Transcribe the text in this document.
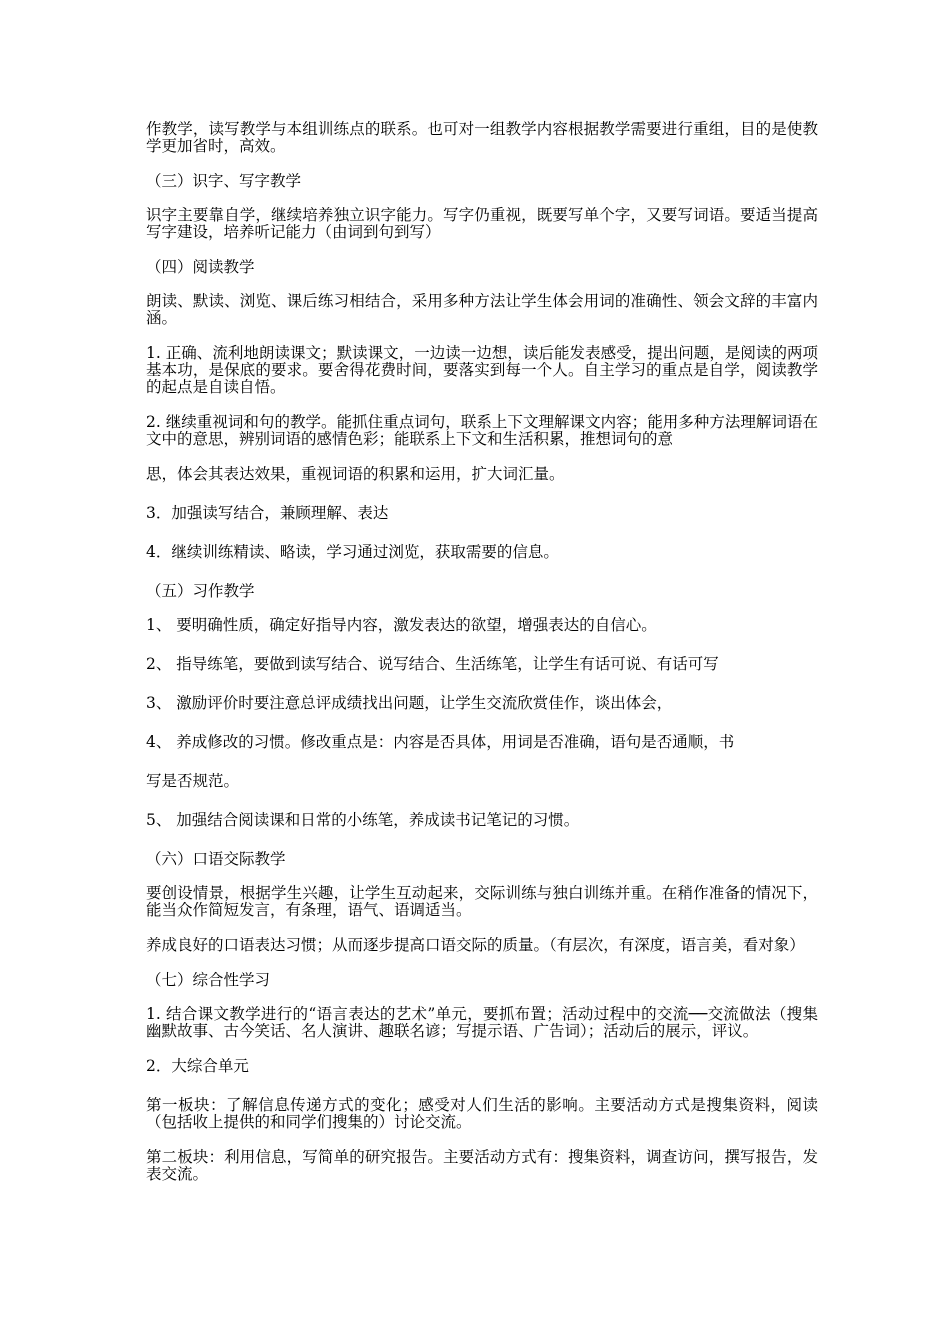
作教学，读写教学与本组训练点的联系。也可对一组教学内容根据教学需要进行重组，目的是使教学更加省时，高效。

（三）识字、写字教学

识字主要靠自学，继续培养独立识字能力。写字仍重视，既要写单个字，又要写词语。要适当提高写字建设，培养听记能力（由词到句到写）

（四）阅读教学

朗读、默读、浏览、课后练习相结合，采用多种方法让学生体会用词的准确性、领会文辞的丰富内涵。

1. 正确、流利地朗读课文；默读课文，一边读一边想，读后能发表感受，提出问题，是阅读的两项基本功，是保底的要求。要舍得花费时间，要落实到每一个人。自主学习的重点是自学，阅读教学的起点是自读自悟。

2. 继续重视词和句的教学。能抓住重点词句，联系上下文理解课文内容；能用多种方法理解词语在文中的意思，辨别词语的感情色彩；能联系上下文和生活积累，推想词句的意

思，体会其表达效果，重视词语的积累和运用，扩大词汇量。

3．加强读写结合，兼顾理解、表达

4．继续训练精读、略读，学习通过浏览，获取需要的信息。

（五）习作教学

1、 要明确性质，确定好指导内容，激发表达的欲望，增强表达的自信心。

2、 指导练笔，要做到读写结合、说写结合、生活练笔，让学生有话可说、有话可写

3、 激励评价时要注意总评成绩找出问题，让学生交流欣赏佳作，谈出体会，

4、 养成修改的习惯。修改重点是：内容是否具体，用词是否准确，语句是否通顺，书

写是否规范。

5、 加强结合阅读课和日常的小练笔，养成读书记笔记的习惯。

（六）口语交际教学

要创设情景，根据学生兴趣，让学生互动起来，交际训练与独白训练并重。在稍作准备的情况下，能当众作简短发言，有条理，语气、语调适当。

养成良好的口语表达习惯；从而逐步提高口语交际的质量。（有层次，有深度，语言美，看对象）

（七）综合性学习

1. 结合课文教学进行的“语言表达的艺术”单元，要抓布置；活动过程中的交流──交流做法（搜集幽默故事、古今笑话、名人演讲、趣联名谚；写提示语、广告词）；活动后的展示，评议。

2．大综合单元

第一板块：了解信息传递方式的变化；感受对人们生活的影响。主要活动方式是搜集资料，阅读（包括收上提供的和同学们搜集的）讨论交流。

第二板块：利用信息，写简单的研究报告。主要活动方式有：搜集资料，调查访问，撰写报告，发表交流。
